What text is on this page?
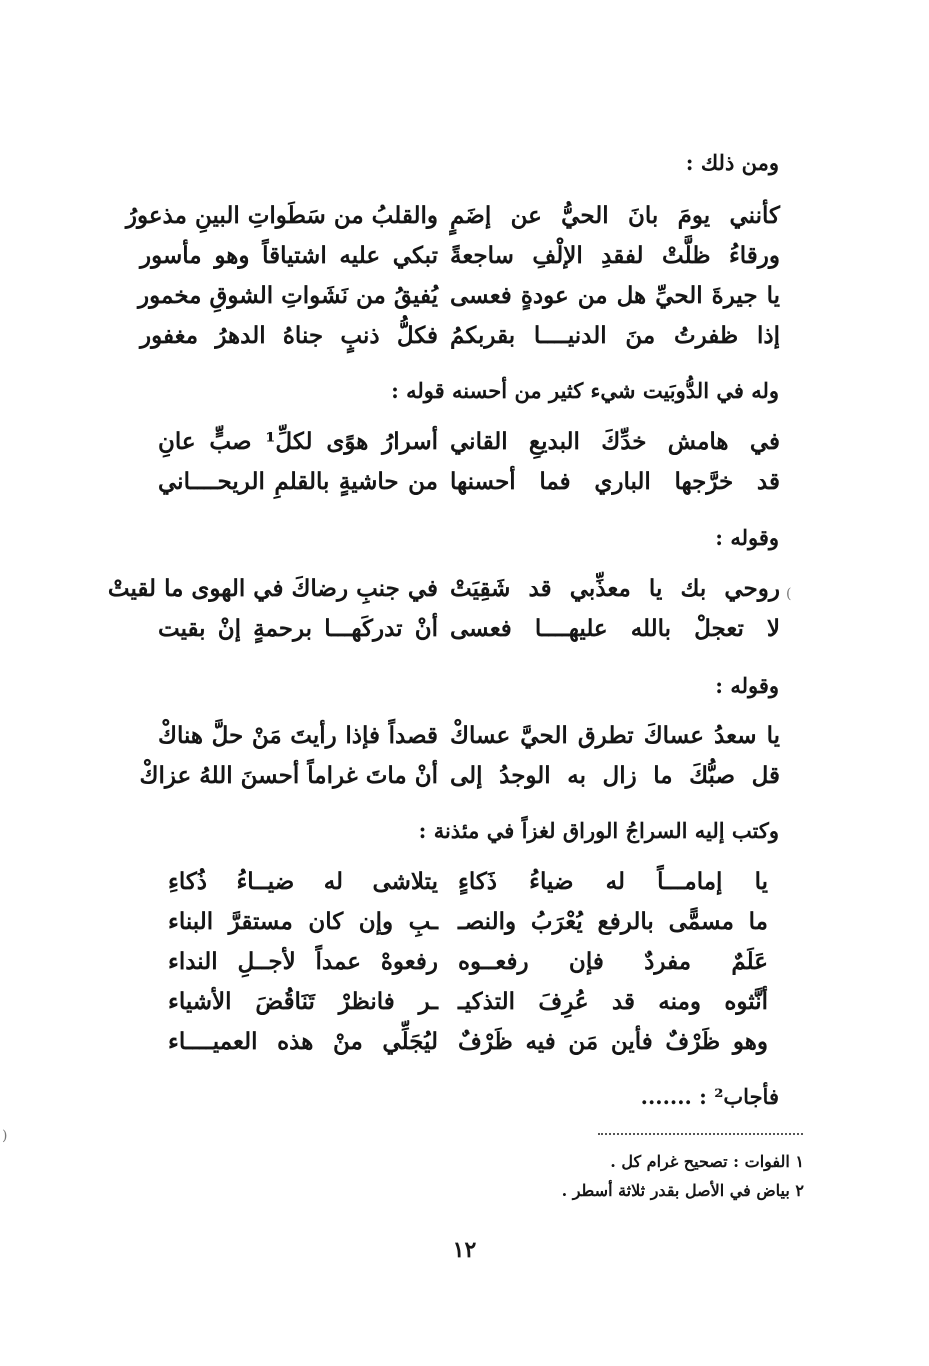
ومن ذلك :
كأنني يومَ بانَ الحيُّ عن إضَمٍ
والقلبُ من سَطَواتِ البينِ مذعورُ
ورقاءُ ظلَّتْ لفقدِ الإلْفِ ساجعةً
تبكي عليه اشتياقاً وهو مأسور
يا جيرةَ الحيِّ هل من عودةٍ فعسى
يُفيقُ من نَشَواتِ الشوقِ مخمور
إذا ظفرتُ منَ الدنيــــا بقربكمُ
فكلُّ ذنبٍ جناهُ الدهرُ مغفور
وله في الدُّوبَيت شيء كثير من أحسنه قوله :
في هامش خدِّكَ البديعِ القاني
أسرارُ هوًى لكلِّ¹ صبٍّ عانِ
قد خرَّجها الباري فما أحسنها
من حاشيةٍ بالقلمِ الريحــــاني
وقوله :
روحي بك يا معذِّبي قد شَقِيَتْ
في جنبِ رضاكَ في الهوى ما لقيتْ
لا تعجلْ بالله عليهــــا فعسى
أنْ تدركَهـــا برحمةٍ إنْ بقيت
وقوله :
يا سعدُ عساكَ تطرق الحيَّ عساكْ
قصداً فإذا رأيتَ مَنْ حلَّ هناكْ
قل صبُّكَ ما زال به الوجدُ إلى
أنْ ماتَ غراماً أحسنَ اللهُ عزاكْ
وكتب إليه السراجُ الوراق لغزاً في مئذنة :
يا إمامـــاً له ضياءُ ذَكاءٍ
يتلاشى له ضيــاءُ ذُكاءِ
ما مسمًّى بالرفع يُعْرَبُ والنصـ
ـبِ وإن كان مستقرَّ البناء
عَلَمٌ مفردٌ فإن رفعــوه
رفعوهْ عمداً لأجــلِ النداء
أنَّثوه ومنه قد عُرِفَ التذكيـ
ـر فانظرْ تَنَاقُضَ الأشياء
وهو ظَرْفٌ فأين مَن فيه ظَرْفٌ
ليُجَلِّي منْ هذه العميــــاء
فأجاب² : .......
١ الفوات : تصحيح غرام كل .
٢ بياض في الأصل بقدر ثلاثة أسطر .
١٢
(
)
